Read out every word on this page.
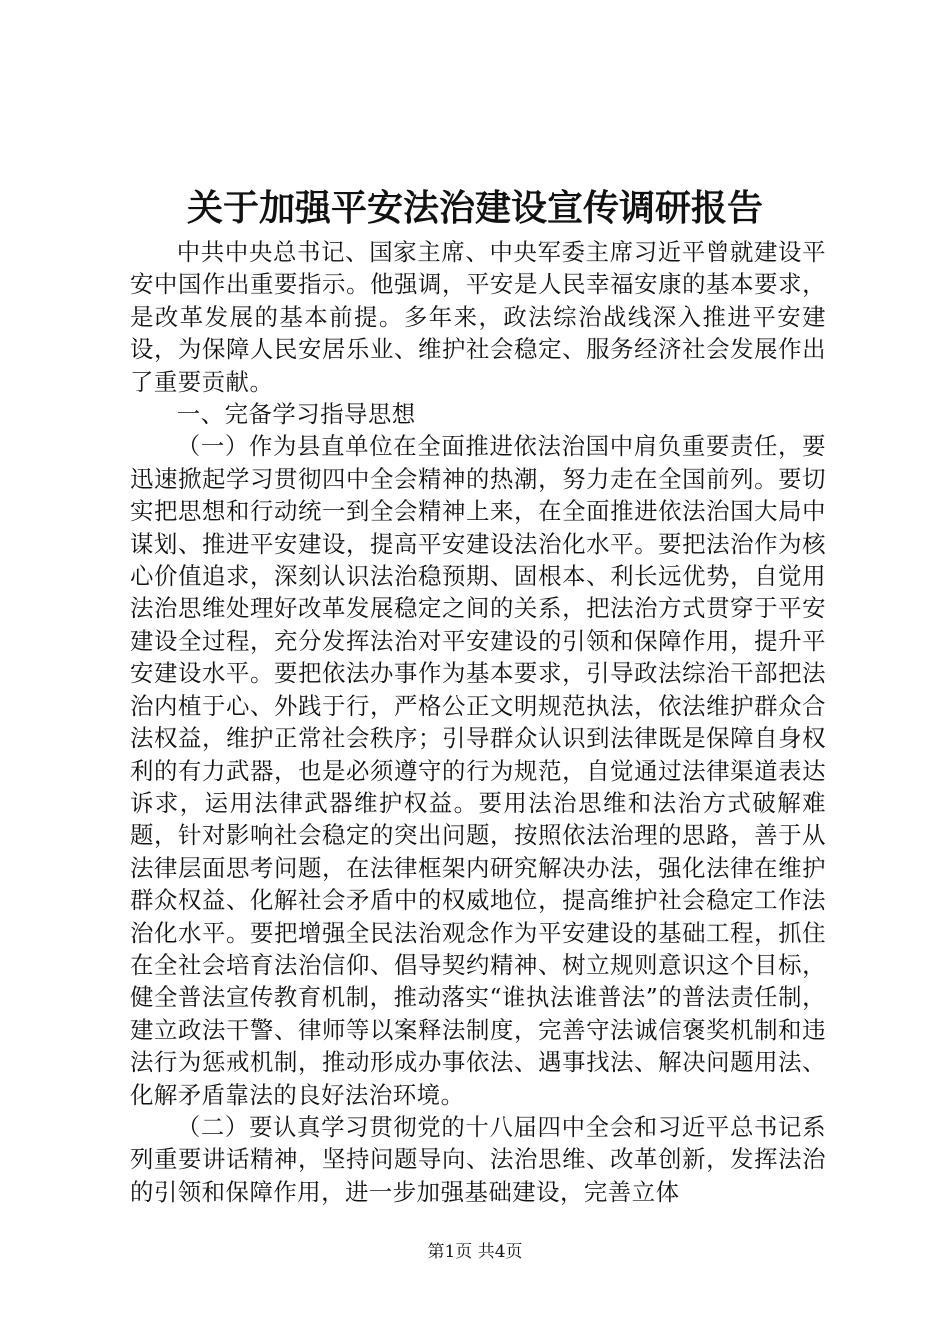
关于加强平安法治建设宣传调研报告

中共中央总书记、国家主席、中央军委主席习近平曾就建设平安中国作出重要指示。他强调，平安是人民幸福安康的基本要求，是改革发展的基本前提。多年来，政法综治战线深入推进平安建设，为保障人民安居乐业、维护社会稳定、服务经济社会发展作出了重要贡献。

一、完备学习指导思想

（一）作为县直单位在全面推进依法治国中肩负重要责任，要迅速掀起学习贯彻四中全会精神的热潮，努力走在全国前列。要切实把思想和行动统一到全会精神上来，在全面推进依法治国大局中谋划、推进平安建设，提高平安建设法治化水平。要把法治作为核心价值追求，深刻认识法治稳预期、固根本、利长远优势，自觉用法治思维处理好改革发展稳定之间的关系，把法治方式贯穿于平安建设全过程，充分发挥法治对平安建设的引领和保障作用，提升平安建设水平。要把依法办事作为基本要求，引导政法综治干部把法治内植于心、外践于行，严格公正文明规范执法，依法维护群众合法权益，维护正常社会秩序；引导群众认识到法律既是保障自身权利的有力武器，也是必须遵守的行为规范，自觉通过法律渠道表达诉求，运用法律武器维护权益。要用法治思维和法治方式破解难题，针对影响社会稳定的突出问题，按照依法治理的思路，善于从法律层面思考问题，在法律框架内研究解决办法，强化法律在维护群众权益、化解社会矛盾中的权威地位，提高维护社会稳定工作法治化水平。要把增强全民法治观念作为平安建设的基础工程，抓住在全社会培育法治信仰、倡导契约精神、树立规则意识这个目标，健全普法宣传教育机制，推动落实“谁执法谁普法”的普法责任制，建立政法干警、律师等以案释法制度，完善守法诚信褒奖机制和违法行为惩戒机制，推动形成办事依法、遇事找法、解决问题用法、化解矛盾靠法的良好法治环境。

（二）要认真学习贯彻党的十八届四中全会和习近平总书记系列重要讲话精神，坚持问题导向、法治思维、改革创新，发挥法治的引领和保障作用，进一步加强基础建设，完善立体

第1页 共4页
